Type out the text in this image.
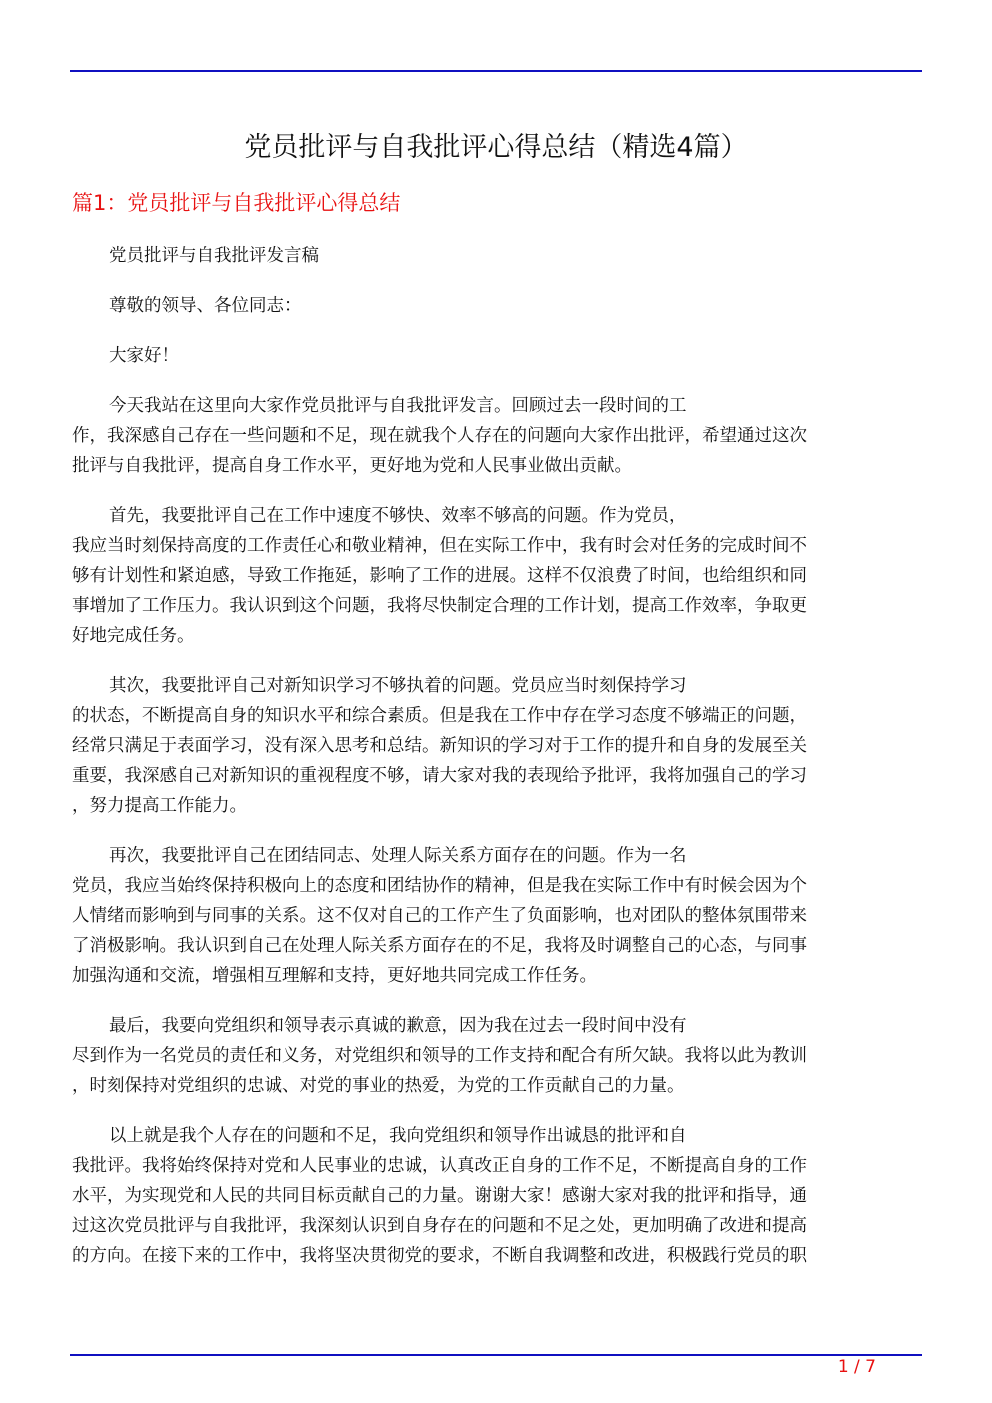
党员批评与自我批评心得总结（精选4篇）
篇1：党员批评与自我批评心得总结
党员批评与自我批评发言稿
尊敬的领导、各位同志：
大家好！
今天我站在这里向大家作党员批评与自我批评发言。回顾过去一段时间的工
作，我深感自己存在一些问题和不足，现在就我个人存在的问题向大家作出批评，希望通过这次
批评与自我批评，提高自身工作水平，更好地为党和人民事业做出贡献。
首先，我要批评自己在工作中速度不够快、效率不够高的问题。作为党员，
我应当时刻保持高度的工作责任心和敬业精神，但在实际工作中，我有时会对任务的完成时间不
够有计划性和紧迫感，导致工作拖延，影响了工作的进展。这样不仅浪费了时间，也给组织和同
事增加了工作压力。我认识到这个问题，我将尽快制定合理的工作计划，提高工作效率，争取更
好地完成任务。
其次，我要批评自己对新知识学习不够执着的问题。党员应当时刻保持学习
的状态，不断提高自身的知识水平和综合素质。但是我在工作中存在学习态度不够端正的问题，
经常只满足于表面学习，没有深入思考和总结。新知识的学习对于工作的提升和自身的发展至关
重要，我深感自己对新知识的重视程度不够，请大家对我的表现给予批评，我将加强自己的学习
，努力提高工作能力。
再次，我要批评自己在团结同志、处理人际关系方面存在的问题。作为一名
党员，我应当始终保持积极向上的态度和团结协作的精神，但是我在实际工作中有时候会因为个
人情绪而影响到与同事的关系。这不仅对自己的工作产生了负面影响，也对团队的整体氛围带来
了消极影响。我认识到自己在处理人际关系方面存在的不足，我将及时调整自己的心态，与同事
加强沟通和交流，增强相互理解和支持，更好地共同完成工作任务。
最后，我要向党组织和领导表示真诚的歉意，因为我在过去一段时间中没有
尽到作为一名党员的责任和义务，对党组织和领导的工作支持和配合有所欠缺。我将以此为教训
，时刻保持对党组织的忠诚、对党的事业的热爱，为党的工作贡献自己的力量。
以上就是我个人存在的问题和不足，我向党组织和领导作出诚恳的批评和自
我批评。我将始终保持对党和人民事业的忠诚，认真改正自身的工作不足，不断提高自身的工作
水平，为实现党和人民的共同目标贡献自己的力量。谢谢大家！感谢大家对我的批评和指导，通
过这次党员批评与自我批评，我深刻认识到自身存在的问题和不足之处，更加明确了改进和提高
的方向。在接下来的工作中，我将坚决贯彻党的要求，不断自我调整和改进，积极践行党员的职
1 / 7
